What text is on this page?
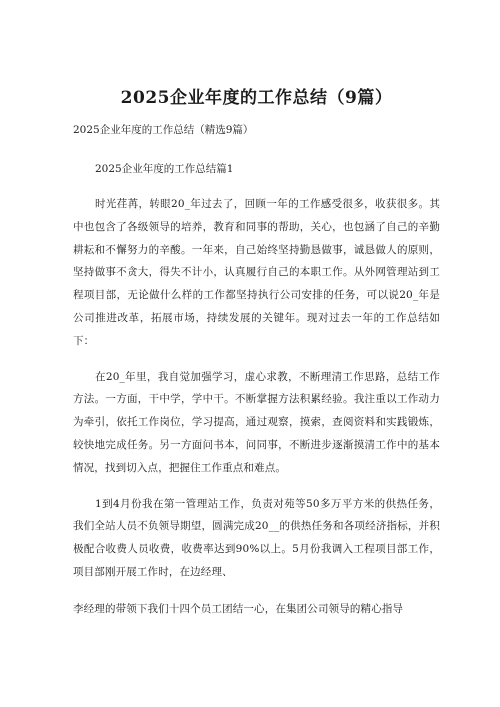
2025企业年度的工作总结（9篇）
2025企业年度的工作总结（精选9篇）
2025企业年度的工作总结篇1

时光荏苒，转眼20_年过去了，回顾一年的工作感受很多，收获很多。其中也包含了各级领导的培养，教育和同事的帮助，关心，也包涵了自己的辛勤耕耘和不懈努力的辛酸。一年来，自己始终坚持勤恳做事，诚恳做人的原则，坚持做事不贪大，得失不计小，认真履行自己的本职工作。从外网管理站到工程项目部，无论做什么样的工作都坚持执行公司安排的任务，可以说20_年是公司推进改革，拓展市场，持续发展的关键年。现对过去一年的工作总结如下：

在20_年里，我自觉加强学习，虚心求教，不断理清工作思路，总结工作方法。一方面，干中学，学中干。不断掌握方法积累经验。我注重以工作动力为牵引，依托工作岗位，学习提高，通过观察，摸索，查阅资料和实践锻炼，较快地完成任务。另一方面问书本，问同事，不断进步逐渐摸清工作中的基本情况，找到切入点，把握住工作重点和难点。

1到4月份我在第一管理站工作，负责对苑等50多万平方米的供热任务，我们全站人员不负领导期望，圆满完成20__的供热任务和各项经济指标，并积极配合收费人员收费，收费率达到90%以上。5月份我调入工程项目部工作，项目部刚开展工作时，在边经理、

李经理的带领下我们十四个员工团结一心，在集团公司领导的精心指导
